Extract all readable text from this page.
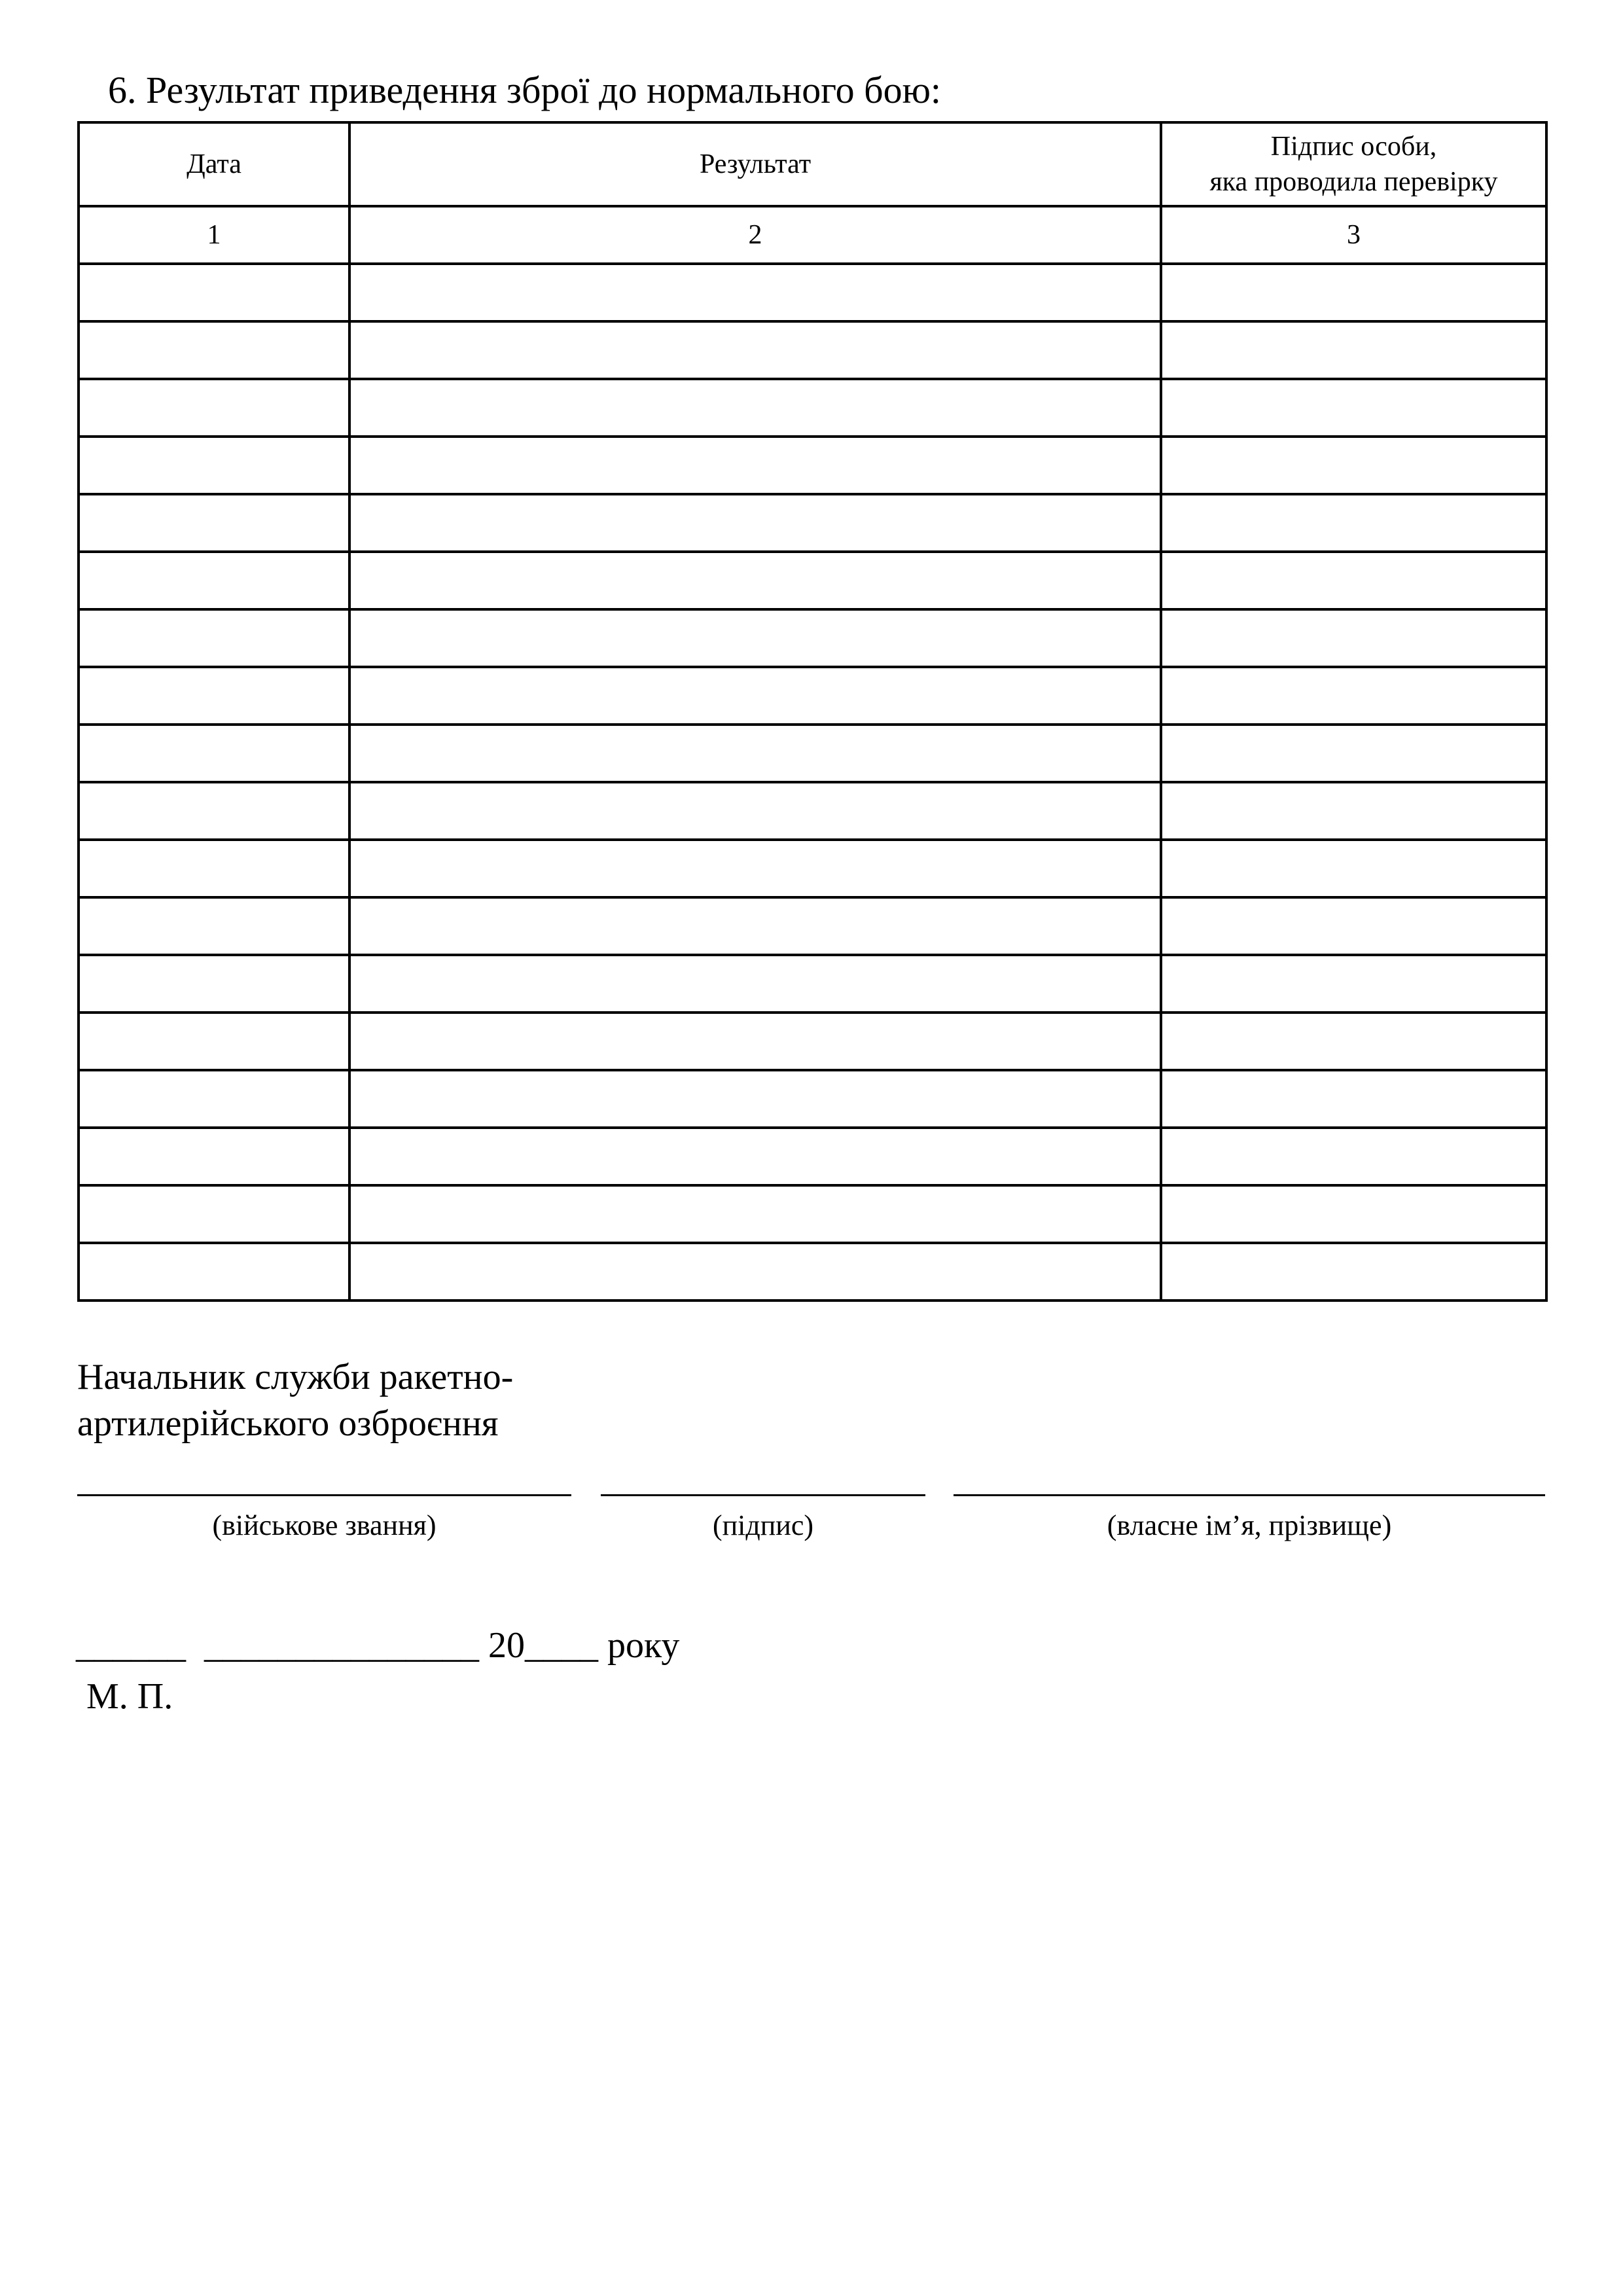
6. Результат приведення зброї до нормального бою:
Дата	Результат	Підпис особи,
яка проводила перевірку
1	2	3

Начальник служби ракетно-
артилерійського озброєння
(військове звання)	(підпис)	(власне ім’я, прізвище)
______  _______________ 20____ року
М. П.
